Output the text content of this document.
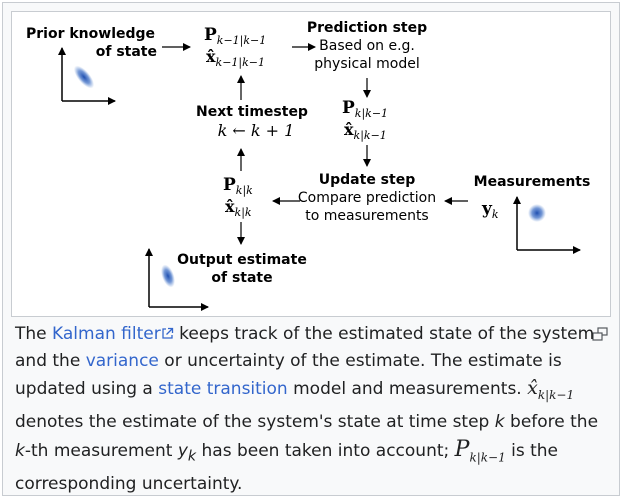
Prior knowledge
of state
$P_{k-1|k-1}$
$x̂_{k-1|k-1}$
Prediction step
Based on e.g.
physical model
$P_{k|k-1}$
$x̂_{k|k-1}$
Update step
Compare prediction
to measurements
Measurements
$y_k$
$P_{k|k}$
$x̂_{k|k}$
Next timestep
k ← k + 1
Output estimate
of state
The Kalman filter keeps track of the estimated state of the system and the variance or uncertainty of the estimate. The estimate is updated using a state transition model and measurements. $x̂_{k|k-1}$ denotes the estimate of the system's state at time step k before the k-th measurement $y_k$ has been taken into account; $P_{k|k-1}$ is the corresponding uncertainty.
